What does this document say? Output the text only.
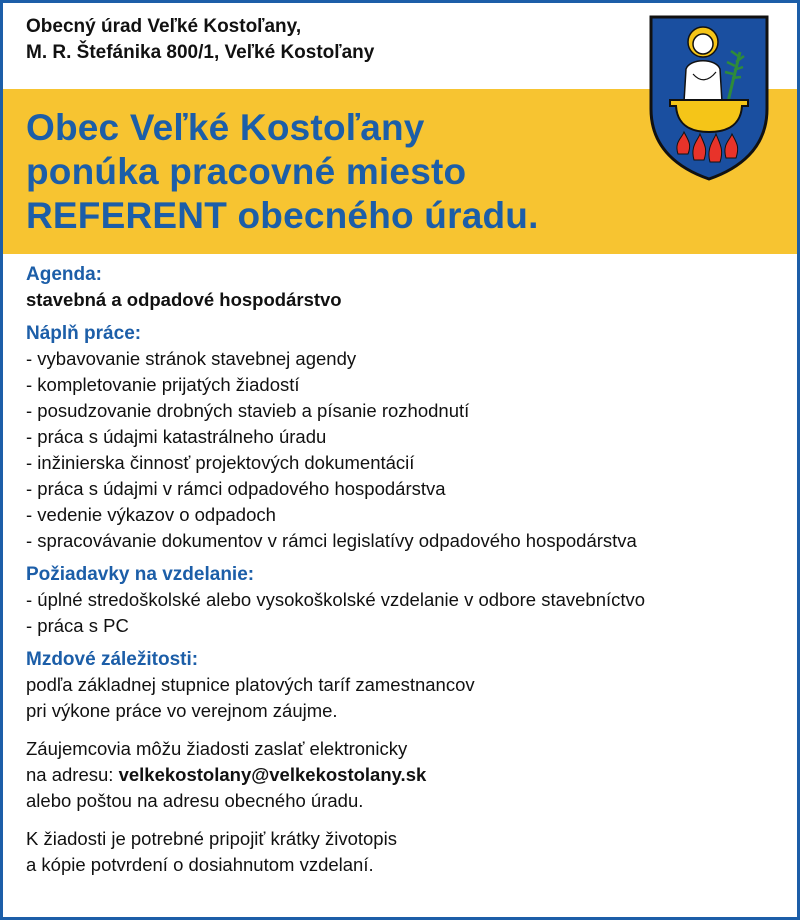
Obecný úrad Veľké Kostoľany,
M. R. Štefánika 800/1, Veľké Kostoľany
Obec Veľké Kostoľany
ponúka pracovné miesto
REFERENT obecného úradu.
Agenda:
stavebná a odpadové hospodárstvo
Náplň práce:
- vybavovanie stránok stavebnej agendy
- kompletovanie prijatých žiadostí
- posudzovanie drobných stavieb a písanie rozhodnutí
- práca s údajmi katastrálneho úradu
- inžinierska činnosť projektových dokumentácií
- práca s údajmi v rámci odpadového hospodárstva
- vedenie výkazov o odpadoch
- spracovávanie dokumentov v rámci legislatívy odpadového hospodárstva
Požiadavky na vzdelanie:
- úplné stredoškolské alebo vysokoškolské vzdelanie v odbore stavebníctvo
- práca s PC
Mzdové záležitosti:
podľa základnej stupnice platových taríf zamestnancov
pri výkone práce vo verejnom záujme.
Záujemcovia môžu žiadosti zaslať elektronicky
na adresu: velkekostolany@velkekostolany.sk
alebo poštou na adresu obecného úradu.
K žiadosti je potrebné pripojiť krátky životopis
a kópie potvrdení o dosiahnutom vzdelaní.
